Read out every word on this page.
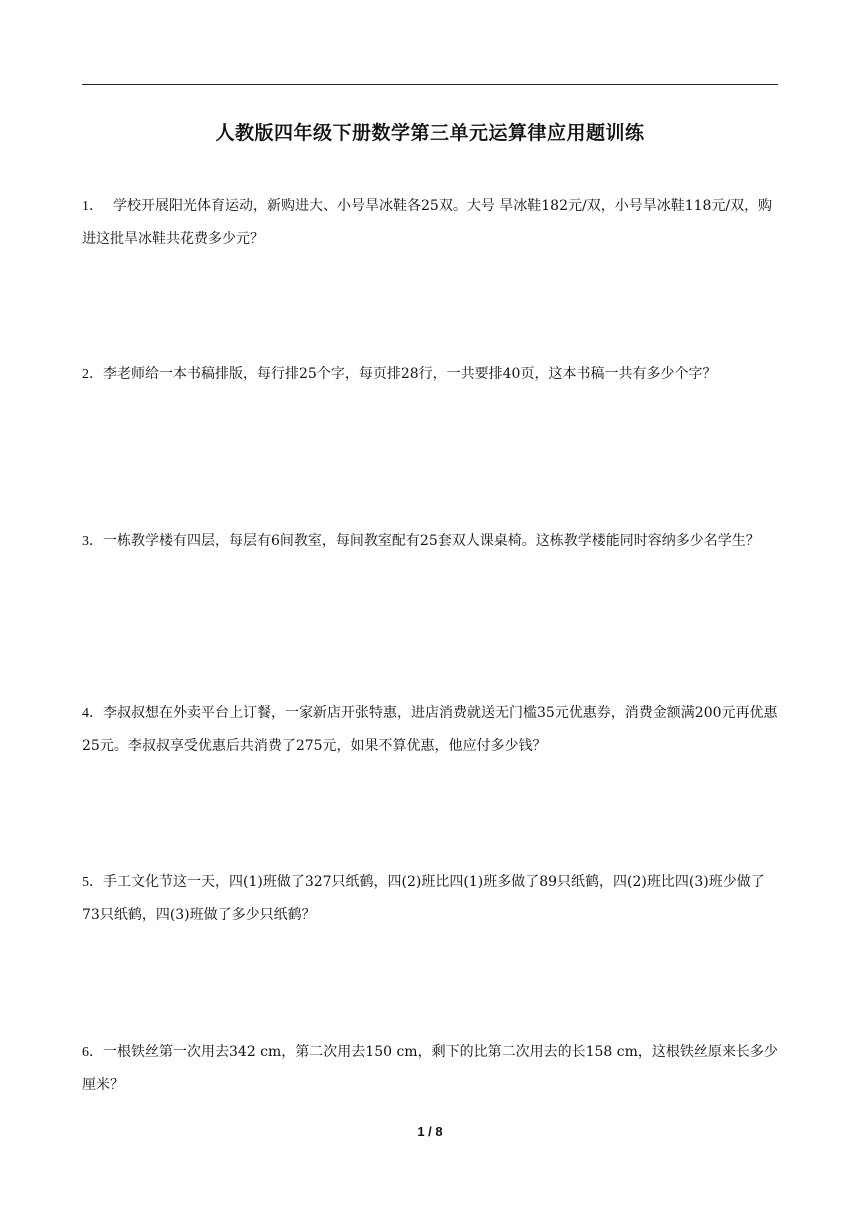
人教版四年级下册数学第三单元运算律应用题训练
1． 学校开展阳光体育运动，新购进大、小号旱冰鞋各25双。大号 旱冰鞋182元/双，小号旱冰鞋118元/双，购进这批旱冰鞋共花费多少元？
2．李老师给一本书稿排版，每行排25个字，每页排28行，一共要排40页，这本书稿一共有多少个字？
3．一栋教学楼有四层，每层有6间教室，每间教室配有25套双人课桌椅。这栋教学楼能同时容纳多少名学生？
4．李叔叔想在外卖平台上订餐，一家新店开张特惠，进店消费就送无门槛35元优惠券，消费金额满200元再优惠25元。李叔叔享受优惠后共消费了275元，如果不算优惠，他应付多少钱？
5．手工文化节这一天，四(1)班做了327只纸鹤，四(2)班比四(1)班多做了89只纸鹤，四(2)班比四(3)班少做了73只纸鹤，四(3)班做了多少只纸鹤？
6．一根铁丝第一次用去342 cm，第二次用去150 cm，剩下的比第二次用去的长158 cm，这根铁丝原来长多少厘米？
1 / 8
